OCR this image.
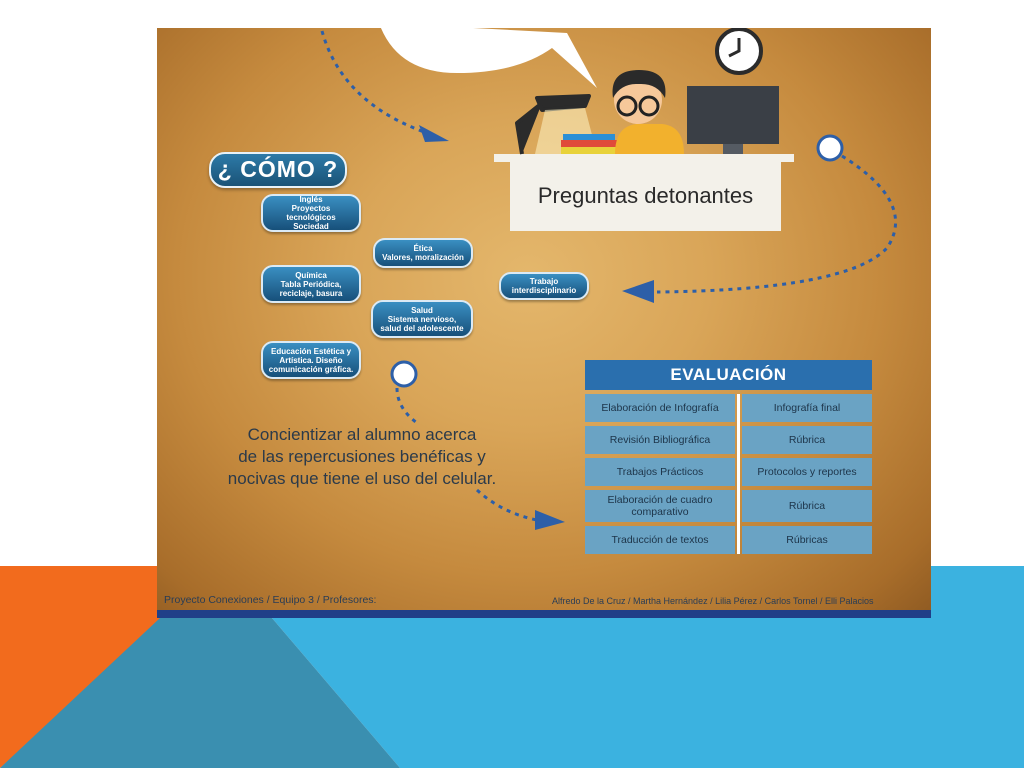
¿ CÓMO ?
Inglés
Proyectos tecnológicos
Sociedad
Ética
Valores, moralización
Química
Tabla Periódica,
reciclaje, basura
Trabajo
interdisciplinario
Salud
Sistema nervioso,
salud del adolescente
Educación Estética y
Artística. Diseño
comunicación gráfica.
Preguntas detonantes
Concientizar al alumno acerca
de las repercusiones benéficas y
nocivas que tiene el uso del celular.
EVALUACIÓN
Elaboración de Infografía	Infografía final
Revisión Bibliográfica	Rúbrica
Trabajos Prácticos	Protocolos y reportes
Elaboración de cuadro comparativo	Rúbrica
Traducción de textos	Rúbricas
Proyecto Conexiones / Equipo 3 / Profesores:	Alfredo De la Cruz / Martha Hernández / Lilia Pérez / Carlos Tornel / Elli Palacios
